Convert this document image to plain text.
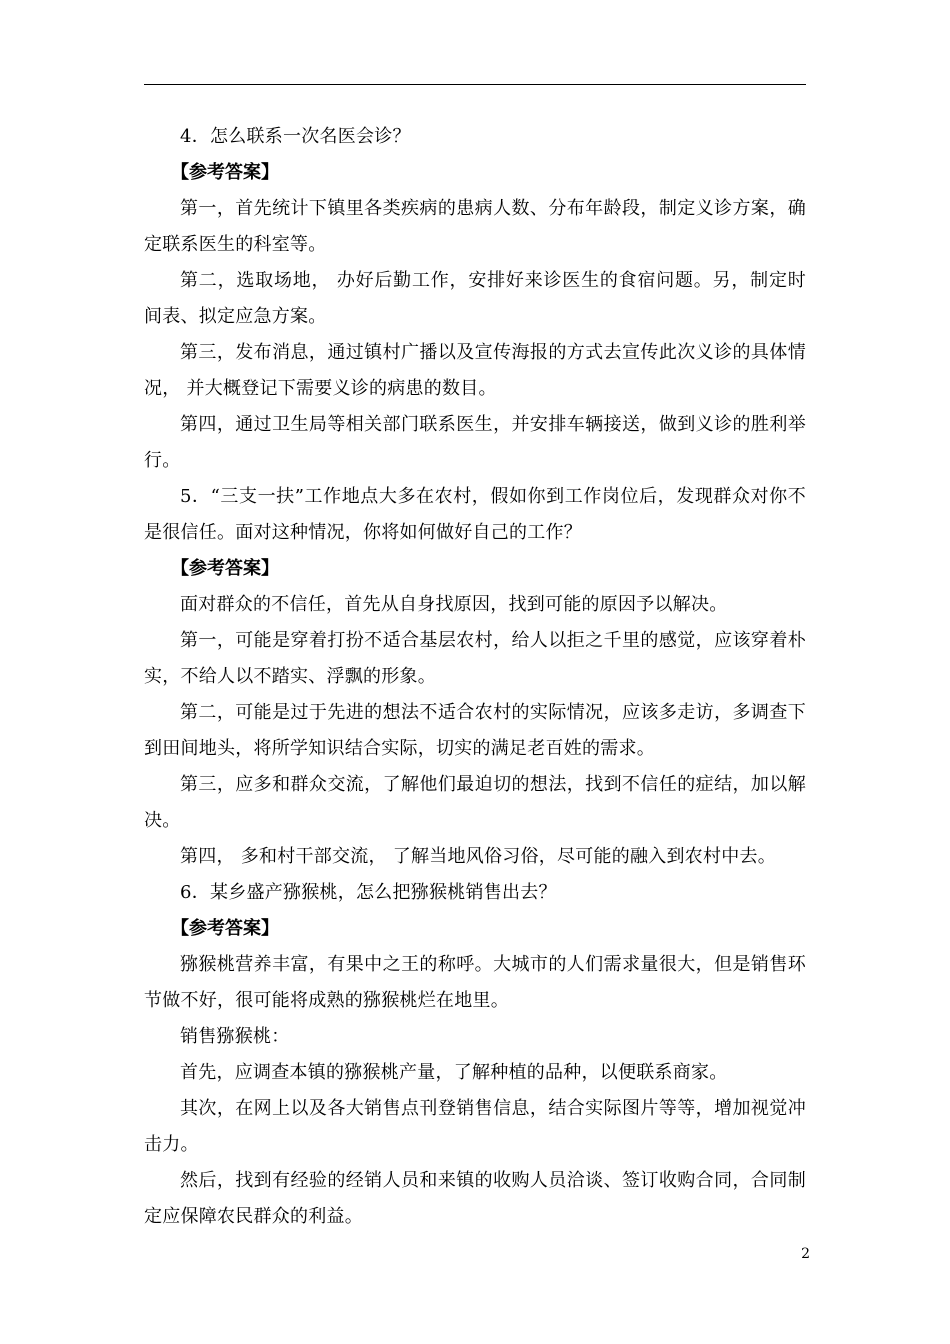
4．怎么联系一次名医会诊？

【参考答案】

第一，首先统计下镇里各类疾病的患病人数、分布年龄段，制定义诊方案，确定联系医生的科室等。

第二，选取场地， 办好后勤工作，安排好来诊医生的食宿问题。另，制定时间表、拟定应急方案。

第三，发布消息，通过镇村广播以及宣传海报的方式去宣传此次义诊的具体情况， 并大概登记下需要义诊的病患的数目。

第四，通过卫生局等相关部门联系医生，并安排车辆接送，做到义诊的胜利举行。

5．“三支一扶”工作地点大多在农村，假如你到工作岗位后，发现群众对你不是很信任。面对这种情况，你将如何做好自己的工作？

【参考答案】

面对群众的不信任，首先从自身找原因，找到可能的原因予以解决。

第一，可能是穿着打扮不适合基层农村，给人以拒之千里的感觉，应该穿着朴实，不给人以不踏实、浮飘的形象。

第二，可能是过于先进的想法不适合农村的实际情况，应该多走访，多调查下到田间地头，将所学知识结合实际，切实的满足老百姓的需求。

第三，应多和群众交流，了解他们最迫切的想法，找到不信任的症结，加以解决。

第四， 多和村干部交流， 了解当地风俗习俗，尽可能的融入到农村中去。

6．某乡盛产猕猴桃，怎么把猕猴桃销售出去？

【参考答案】

猕猴桃营养丰富，有果中之王的称呼。大城市的人们需求量很大，但是销售环节做不好，很可能将成熟的猕猴桃烂在地里。

销售猕猴桃：

首先，应调查本镇的猕猴桃产量，了解种植的品种，以便联系商家。

其次，在网上以及各大销售点刊登销售信息，结合实际图片等等，增加视觉冲击力。

然后，找到有经验的经销人员和来镇的收购人员洽谈、签订收购合同，合同制定应保障农民群众的利益。

2
